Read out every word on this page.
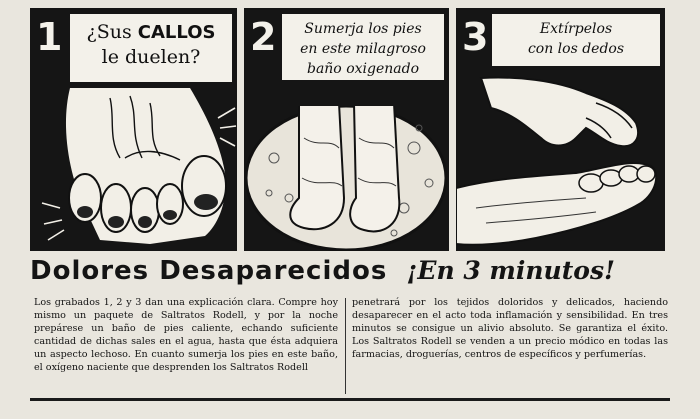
1	¿Sus CALLOS
le duelen?	2	Sumerja los pies
en este milagroso
baño oxigenado
3	Extírpelos
con los dedos
Dolores Desaparecidos ¡En 3 minutos!
Los grabados 1, 2 y 3 dan una explicación clara. Compre hoy mismo un paquete de Saltratos Rodell, y por la noche prepárese un baño de pies caliente, echando suficiente cantidad de dichas sales en el agua, hasta que ésta adquiera un aspecto lechoso. En cuanto sumerja los pies en este baño, el oxígeno naciente que desprenden los Saltratos Rodell
penetrará por los tejidos doloridos y delicados, haciendo desaparecer en el acto toda inflamación y sensibilidad. En tres minutos se consigue un alivio absoluto. Se garantiza el éxito. Los Saltratos Rodell se venden a un precio módico en todas las farmacias, droguerías, centros de específicos y perfumerías.
